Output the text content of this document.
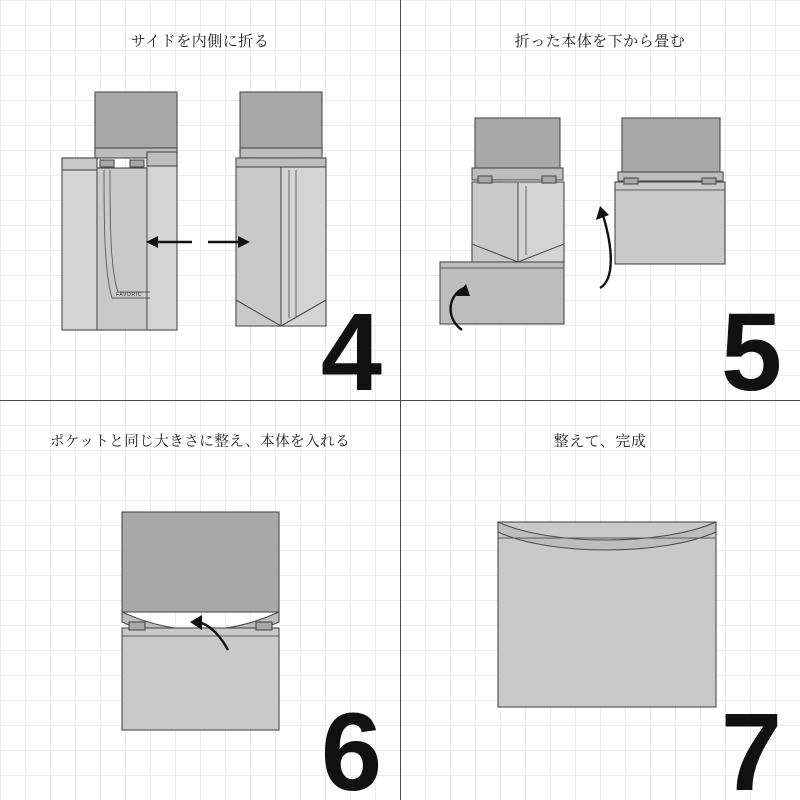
サイドを内側に折る
FAVORIC 4
折った本体を下から畳む
5
ポケットと同じ大きさに整え、本体を入れる
6
整えて、完成
7
